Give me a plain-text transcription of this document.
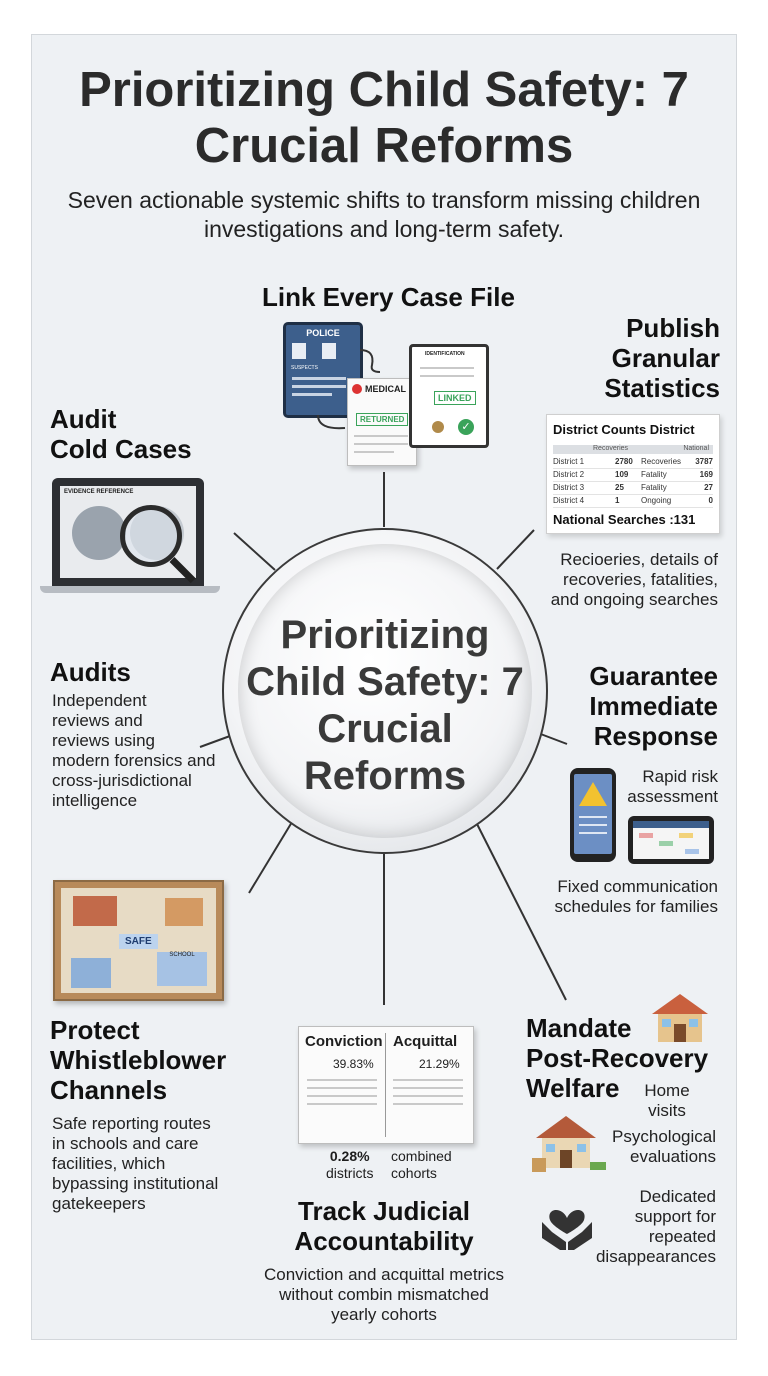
Prioritizing Child Safety: 7 Crucial Reforms
Seven actionable systemic shifts to transform missing children investigations and long-term safety.
Prioritizing Child Safety: 7 Crucial Reforms
Link Every Case File
POLICE
SUSPECTS
MEDICAL
RETURNED
IDENTIFICATION
LINKED
✓
Publish
Granular
Statistics
District Counts District
Recoveries	National
District 1	2780 Recoveries 3787
District 2	109 Fatality	169
District 3	25 Fatality	27
District 4	1	Ongoing	0
National Searches :131
Recioeries, details of
recoveries, fatalities,
and ongoing searches
Audit
Cold Cases
EVIDENCE REFERENCE
Audits
Independent
reviews and
reviews using
modern forensics and
cross-jurisdictional
intelligence
Guarantee
Immediate
Response
Rapid risk
assessment
Fixed communication
schedules for families
SAFE
SCHOOL
Protect
Whistleblower
Channels
Safe reporting routes
in schools and care
facilities, which
bypassing institutional
gatekeepers
Conviction Acquittal
39.83%	21.29%
0.28%
districts
combined
cohorts
Track Judicial
Accountability
Conviction and acquittal metrics
without combin mismatched
yearly cohorts
Mandate
Post-Recovery
Welfare	Home
visits
Psychological
evaluations
Dedicated
support for
repeated
disappearances
